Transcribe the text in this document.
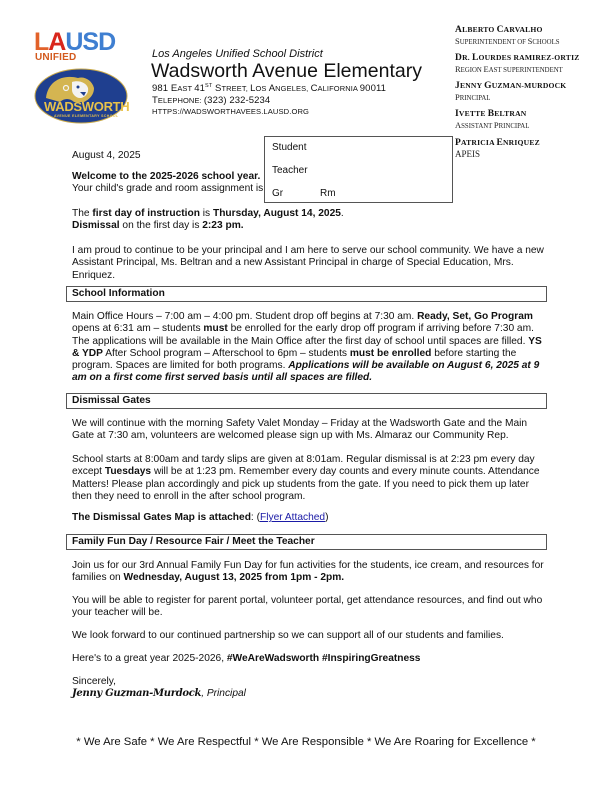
LAUSD
UNIFIED
WADSWORTH
AVENUE ELEMENTARY SCHOOL
Los Angeles Unified School District
Wadsworth Avenue Elementary
981 EAST 41ST STREET, LOS ANGELES, CALIFORNIA 90011
TELEPHONE: (323) 232-5234
HTTPS://WADSWORTHAVEES.LAUSD.ORG
ALBERTO CARVALHO
SUPERINTENDENT OF SCHOOLS
DR. LOURDES RAMIREZ-ORTIZ
REGION EAST SUPERINTENDENT
JENNY GUZMAN-MURDOCK
PRINCIPAL
IVETTE BELTRAN
ASSISTANT PRINCIPAL
PATRICIA ENRIQUEZ
APEIS
Student
Teacher
Gr	Rm
August 4, 2025
Welcome to the 2025-2026 school year.
Your child's grade and room assignment is
The first day of instruction is Thursday, August 14, 2025.
Dismissal on the first day is 2:23 pm.
I am proud to continue to be your principal and I am here to serve our school community. We have a new Assistant Principal, Ms. Beltran and a new Assistant Principal in charge of Special Education, Mrs. Enriquez.
School Information
Main Office Hours – 7:00 am – 4:00 pm. Student drop off begins at 7:30 am. Ready, Set, Go Program opens at 6:31 am – students must be enrolled for the early drop off program if arriving before 7:30 am. The applications will be available in the Main Office after the first day of school until spaces are filled. YS & YDP After School program – Afterschool to 6pm – students must be enrolled before starting the program. Spaces are limited for both programs. Applications will be available on August 6, 2025 at 9 am on a first come first served basis until all spaces are filled.
Dismissal Gates
We will continue with the morning Safety Valet Monday – Friday at the Wadsworth Gate and the Main Gate at 7:30 am, volunteers are welcomed please sign up with Ms. Almaraz our Community Rep.
School starts at 8:00am and tardy slips are given at 8:01am. Regular dismissal is at 2:23 pm every day except Tuesdays will be at 1:23 pm. Remember every day counts and every minute counts. Attendance Matters! Please plan accordingly and pick up students from the gate. If you need to pick them up later then they need to enroll in the after school program.
The Dismissal Gates Map is attached: (Flyer Attached)
Family Fun Day / Resource Fair / Meet the Teacher
Join us for our 3rd Annual Family Fun Day for fun activities for the students, ice cream, and resources for families on Wednesday, August 13, 2025 from 1pm - 2pm.
You will be able to register for parent portal, volunteer portal, get attendance resources, and find out who your teacher will be.
We look forward to our continued partnership so we can support all of our students and families.
Here's to a great year 2025-2026, #WeAreWadsworth #InspiringGreatness
Sincerely,
Jenny Guzman-Murdock, Principal
* We Are Safe * We Are Respectful * We Are Responsible * We Are Roaring for Excellence *
